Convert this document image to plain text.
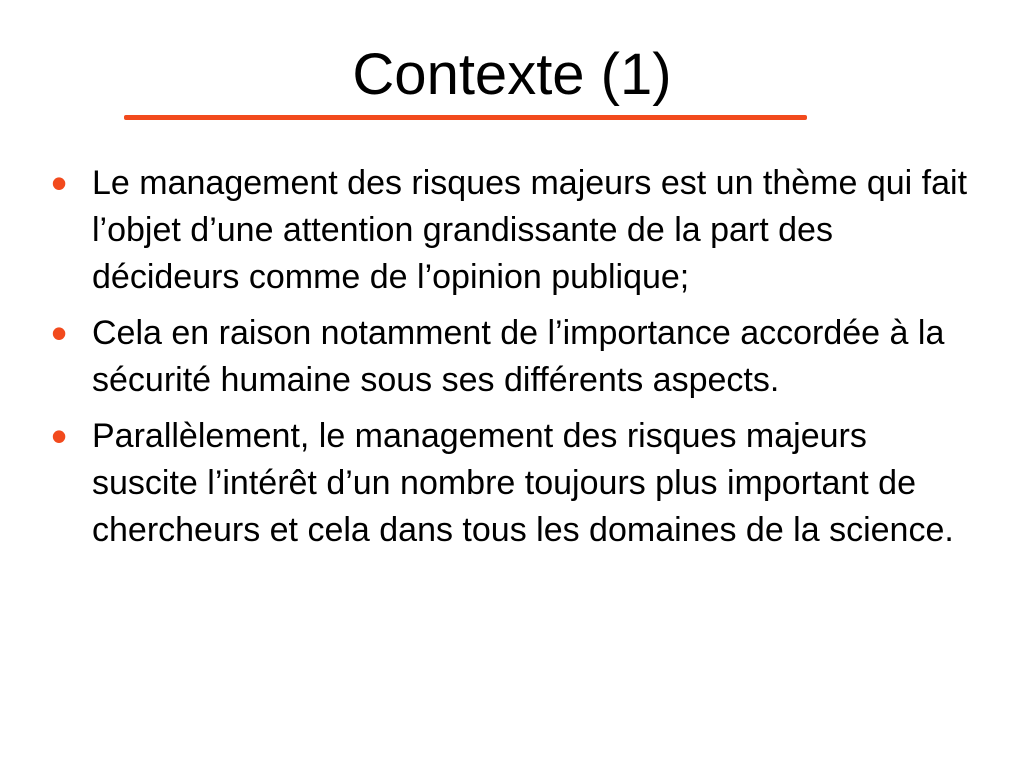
Contexte (1)
• Le management des risques majeurs est un thème qui fait l’objet d’une attention grandissante de la part des décideurs comme de l’opinion publique;
• Cela en raison notamment de l’importance accordée à la sécurité humaine sous ses différents aspects.
• Parallèlement, le management des risques majeurs suscite l’intérêt d’un nombre toujours plus important de chercheurs et cela dans tous les domaines de la science.
